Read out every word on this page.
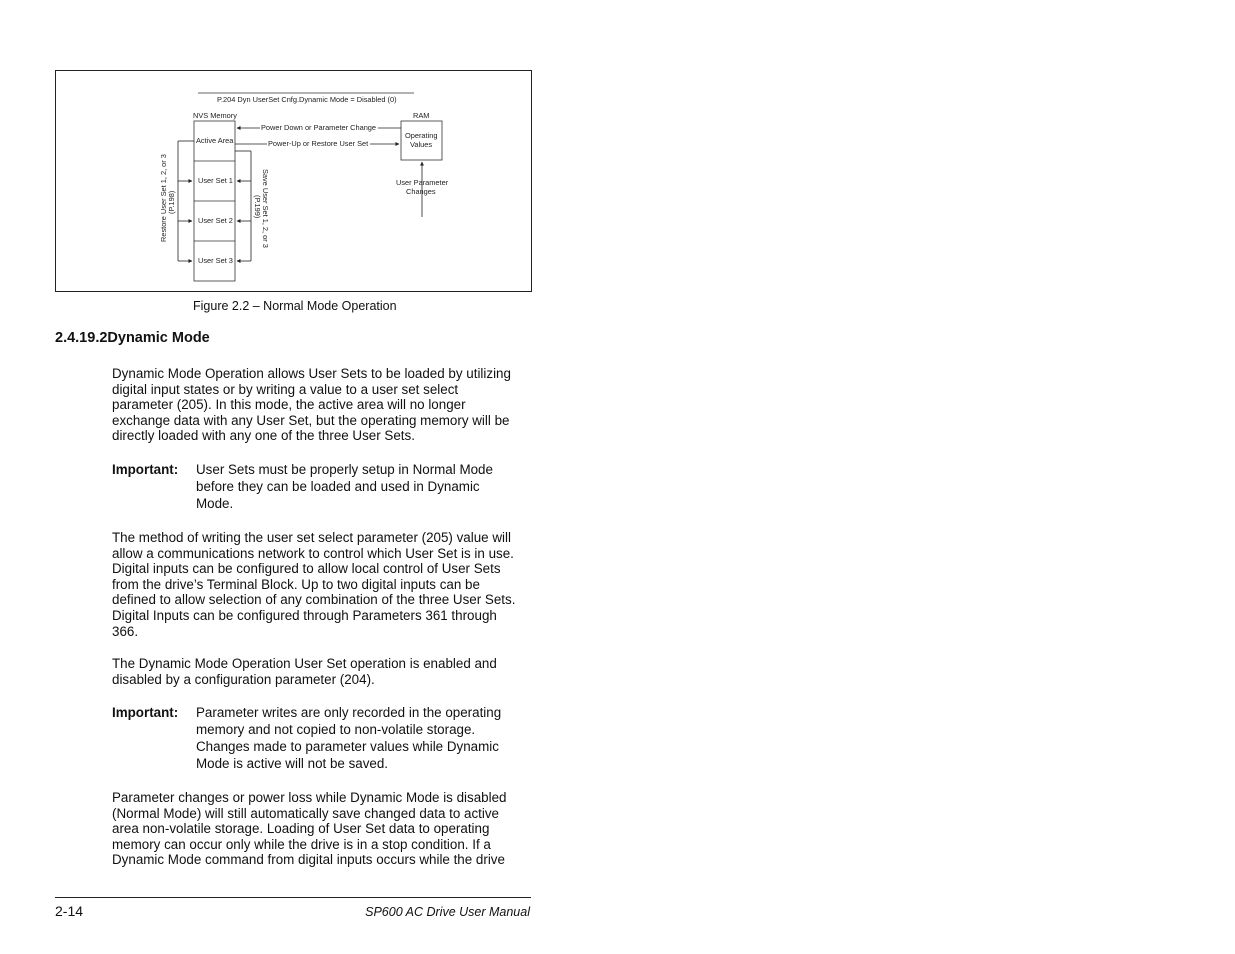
P.204 Dyn UserSet Cnfg.Dynamic Mode = Disabled (0)
NVS Memory	RAM
Active Area
User Set 1
User Set 2
User Set 3
Operating
Values
Power Down or Parameter Change
Power-Up or Restore User Set
User Parameter
Changes
Restore User Set 1, 2, or 3 (P.198)	Save User Set 1, 2, or 3
(P.199)
Figure 2.2 – Normal Mode Operation
2.4.19.2Dynamic Mode
Dynamic Mode Operation allows User Sets to be loaded by utilizing
digital input states or by writing a value to a user set select
parameter (205). In this mode, the active area will no longer
exchange data with any User Set, but the operating memory will be
directly loaded with any one of the three User Sets.
Important: User Sets must be properly setup in Normal Mode
before they can be loaded and used in Dynamic
Mode.
The method of writing the user set select parameter (205) value will
allow a communications network to control which User Set is in use.
Digital inputs can be configured to allow local control of User Sets
from the drive’s Terminal Block. Up to two digital inputs can be
defined to allow selection of any combination of the three User Sets.
Digital Inputs can be configured through Parameters 361 through
366.
The Dynamic Mode Operation User Set operation is enabled and
disabled by a configuration parameter (204).
Important: Parameter writes are only recorded in the operating
memory and not copied to non-volatile storage.
Changes made to parameter values while Dynamic
Mode is active will not be saved.
Parameter changes or power loss while Dynamic Mode is disabled
(Normal Mode) will still automatically save changed data to active
area non-volatile storage. Loading of User Set data to operating
memory can occur only while the drive is in a stop condition. If a
Dynamic Mode command from digital inputs occurs while the drive
2-14	SP600 AC Drive User Manual
